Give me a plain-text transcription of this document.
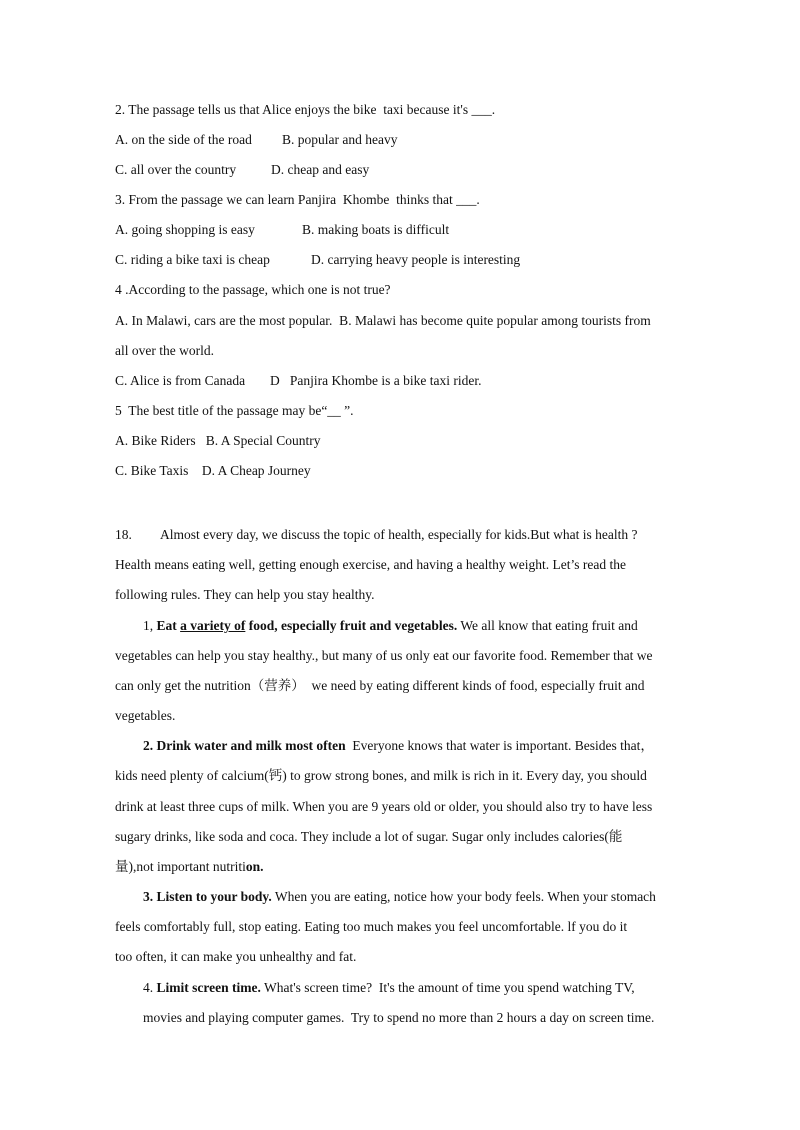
2. The passage tells us that Alice enjoys the bike  taxi because it's ___.
A. on the side of the road B. popular and heavy
C. all over the country	D. cheap and easy
3. From the passage we can learn Panjira  Khombe  thinks that ___.
A. going shopping is easy	B. making boats is difficult
C. riding a bike taxi is cheap	D. carrying heavy people is interesting
4 .According to the passage, which one is not true?
A. In Malawi, cars are the most popular.  B. Malawi has become quite popular among tourists from
all over the world.
C. Alice is from Canada D   Panjira Khombe is a bike taxi rider.
5  The best title of the passage may be“__ ”.
A. Bike Riders   B. A Special Country
C. Bike Taxis    D. A Cheap Journey
18. Almost every day, we discuss the topic of health, especially for kids.But what is health ?
Health means eating well, getting enough exercise, and having a healthy weight. Let’s read the
following rules. They can help you stay healthy.
1, Eat a variety of food, especially fruit and vegetables. We all know that eating fruit and
vegetables can help you stay healthy., but many of us only eat our favorite food. Remember that we
can only get the nutrition（营养）  we need by eating different kinds of food, especially fruit and
vegetables.
2. Drink water and milk most often  Everyone knows that water is important. Besides that，
kids need plenty of calcium(钙) to grow strong bones, and milk is rich in it. Every day, you should
drink at least three cups of milk. When you are 9 years old or older, you should also try to have less
sugary drinks, like soda and coca. They include a lot of sugar. Sugar only includes calories(能
量),not important nutrition.
3. Listen to your body. When you are eating, notice how your body feels. When your stomach
feels comfortably full, stop eating. Eating too much makes you feel uncomfortable. lf you do it
too often, it can make you unhealthy and fat.
4. Limit screen time. What's screen time?  It's the amount of time you spend watching TV,
movies and playing computer games.  Try to spend no more than 2 hours a day on screen time.
